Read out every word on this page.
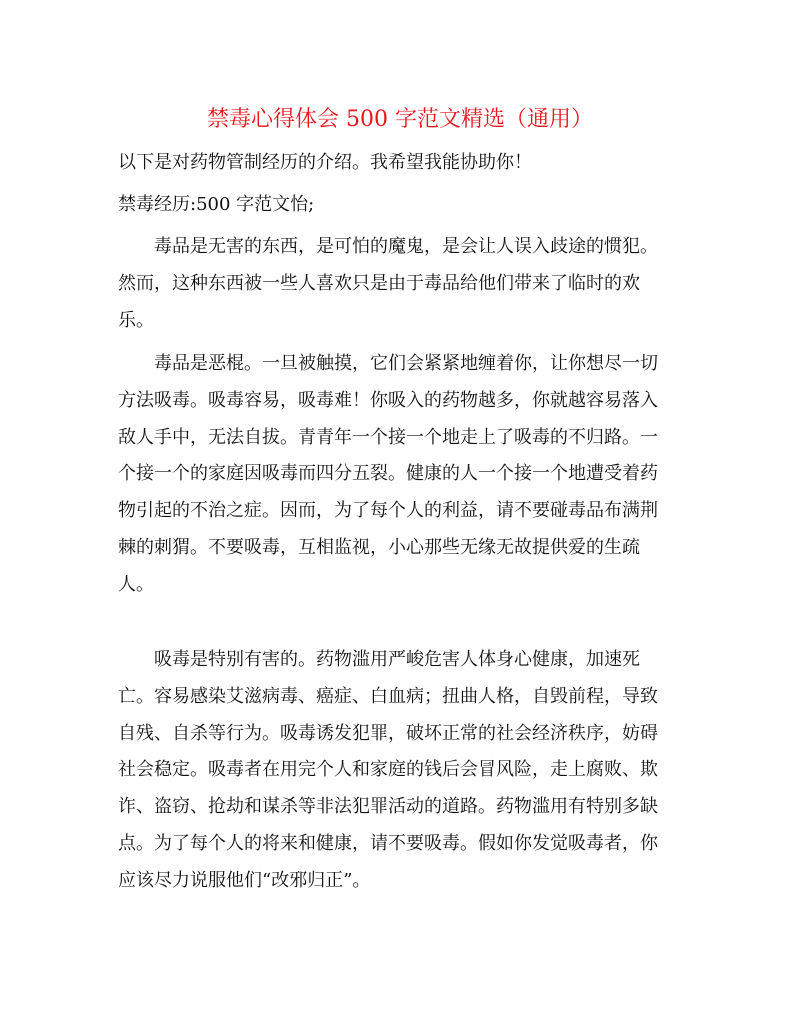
禁毒心得体会 500 字范文精选（通用）
以下是对药物管制经历的介绍。我希望我能协助你！
禁毒经历:500 字范文怡;
毒品是无害的东西，是可怕的魔鬼，是会让人误入歧途的惯犯。
然而，这种东西被一些人喜欢只是由于毒品给他们带来了临时的欢
乐。
毒品是恶棍。一旦被触摸，它们会紧紧地缠着你，让你想尽一切
方法吸毒。吸毒容易，吸毒难！你吸入的药物越多，你就越容易落入
敌人手中，无法自拔。青青年一个接一个地走上了吸毒的不归路。一
个接一个的家庭因吸毒而四分五裂。健康的人一个接一个地遭受着药
物引起的不治之症。因而，为了每个人的利益，请不要碰毒品布满荆
棘的刺猬。不要吸毒，互相监视，小心那些无缘无故提供爱的生疏
人。
吸毒是特别有害的。药物滥用严峻危害人体身心健康，加速死
亡。容易感染艾滋病毒、癌症、白血病；扭曲人格，自毁前程，导致
自残、自杀等行为。吸毒诱发犯罪，破坏正常的社会经济秩序，妨碍
社会稳定。吸毒者在用完个人和家庭的钱后会冒风险，走上腐败、欺
诈、盗窃、抢劫和谋杀等非法犯罪活动的道路。药物滥用有特别多缺
点。为了每个人的将来和健康，请不要吸毒。假如你发觉吸毒者，你
应该尽力说服他们“改邪归正”。
